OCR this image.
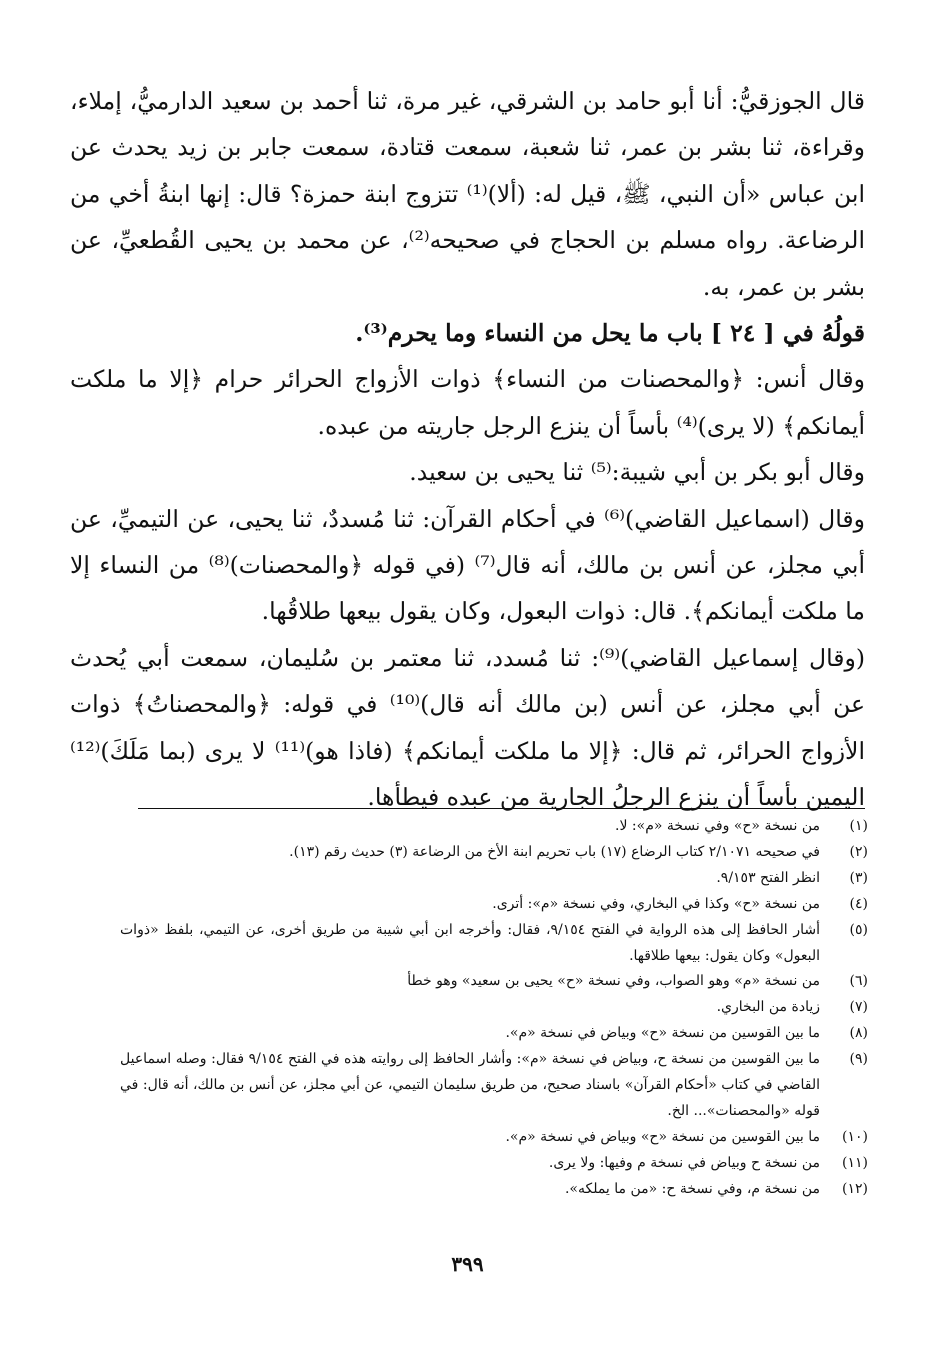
قال الجوزقيُّ: أنا أبو حامد بن الشرقي، غير مرة، ثنا أحمد بن سعيد الدارميُّ، إملاء، وقراءة، ثنا بشر بن عمر، ثنا شعبة، سمعت قتادة، سمعت جابر بن زيد يحدث عن ابن عباس «أن النبي، ﷺ، قيل له: (ألا)⁽¹⁾ تتزوج ابنة حمزة؟ قال: إنها ابنةُ أخي من الرضاعة. رواه مسلم بن الحجاج في صحيحه⁽²⁾، عن محمد بن يحيى القُطعيِّ، عن بشر بن عمر، به.

قولُهُ في [ ٢٤ ] باب ما يحل من النساء وما يحرم⁽³⁾.

وقال أنس: ﴿والمحصنات من النساء﴾ ذوات الأزواج الحرائر حرام ﴿إلا ما ملكت أيمانكم﴾ (لا يرى)⁽⁴⁾ بأساً أن ينزع الرجل جاريته من عبده.

وقال أبو بكر بن أبي شيبة:⁽⁵⁾ ثنا يحيى بن سعيد.

وقال (اسماعيل القاضي)⁽⁶⁾ في أحكام القرآن: ثنا مُسددٌ، ثنا يحيى، عن التيميِّ، عن أبي مجلز، عن أنس بن مالك، أنه قال⁽⁷⁾ (في قوله ﴿والمحصنات)⁽⁸⁾ من النساء إلا ما ملكت أيمانكم﴾. قال: ذوات البعول، وكان يقول بيعها طلاقُها.

(وقال إسماعيل القاضي)⁽⁹⁾: ثنا مُسدد، ثنا معتمر بن سُليمان، سمعت أبي يُحدث عن أبي مجلز، عن أنس (بن مالك أنه قال)⁽¹⁰⁾ في قوله: ﴿والمحصناتُ﴾ ذوات الأزواج الحرائر، ثم قال: ﴿إلا ما ملكت أيمانكم﴾ (فاذا هو)⁽¹¹⁾ لا يرى (بما مَلَكَ)⁽¹²⁾ اليمين بأساً أن ينزع الرجلُ الجارية من عبده فيطأها.

(١)
من نسخة «ح» وفي نسخة «م»: لا.
(٢)
في صحيحه ٢/١٠٧١ كتاب الرضاع (١٧) باب تحريم ابنة الأخ من الرضاعة (٣) حديث رقم (١٣).
(٣)
انظر الفتح ٩/١٥٣.
(٤)
من نسخة «ح» وكذا في البخاري، وفي نسخة «م»: أترى.
(٥)
أشار الحافظ إلى هذه الرواية في الفتح ٩/١٥٤، فقال: وأخرجه ابن أبي شيبة من طريق أخرى، عن التيمي، بلفظ «ذوات البعول» وكان يقول: بيعها طلاقها.
(٦)
من نسخة «م» وهو الصواب، وفي نسخة «ح» يحيى بن سعيد» وهو خطأ
(٧)
زيادة من البخاري.
(٨)
ما بين القوسين من نسخة «ح» وبياض في نسخة «م».
(٩)
ما بين القوسين من نسخة ح، وبياض في نسخة «م»: وأشار الحافظ إلى روايته هذه في الفتح ٩/١٥٤ فقال: وصله اسماعيل القاضي في كتاب «أحكام القرآن» باسناد صحيح، من طريق سليمان التيمي، عن أبي مجلز، عن أنس بن مالك، أنه قال: في قوله «والمحصنات»... الخ.
(١٠)
ما بين القوسين من نسخة «ح» وبياض في نسخة «م».
(١١)
من نسخة ح وبياض في نسخة م وفيها: ولا يرى.
(١٢)
من نسخة م، وفي نسخة ح: «من ما يملكه».
٣٩٩
